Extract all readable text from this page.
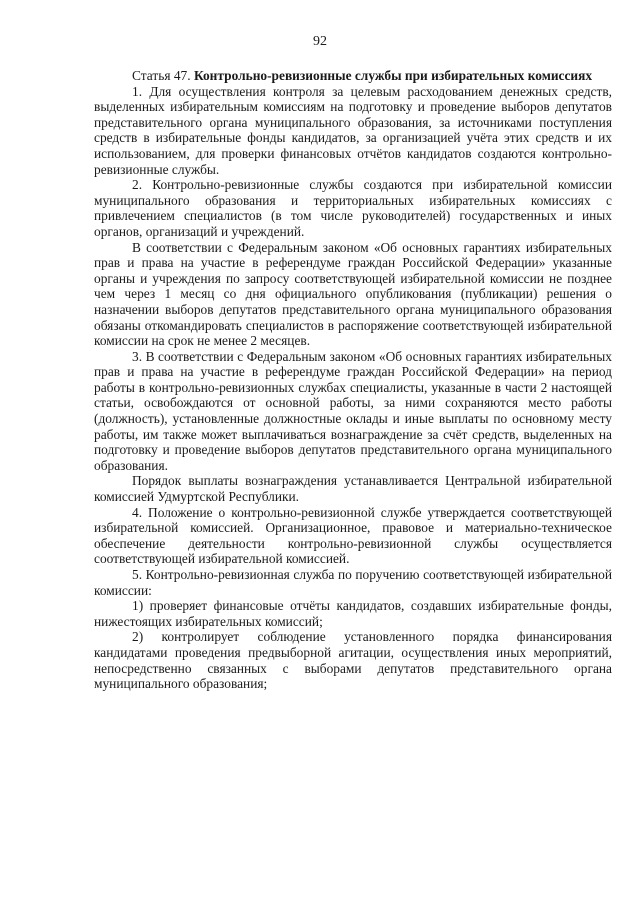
92

Статья 47. Контрольно-ревизионные службы при избирательных комиссиях

1. Для осуществления контроля за целевым расходованием денежных средств, выделенных избирательным комиссиям на подготовку и проведение выборов депутатов представительного органа муниципального образования, за источниками поступления средств в избирательные фонды кандидатов, за организацией учёта этих средств и их использованием, для проверки финансовых отчётов кандидатов создаются контрольно-ревизионные службы.

2. Контрольно-ревизионные службы создаются при избирательной комиссии муниципального образования и территориальных избирательных комиссиях с привлечением специалистов (в том числе руководителей) государственных и иных органов, организаций и учреждений.

В соответствии с Федеральным законом «Об основных гарантиях избирательных прав и права на участие в референдуме граждан Российской Федерации» указанные органы и учреждения по запросу соответствующей избирательной комиссии не позднее чем через 1 месяц со дня официального опубликования (публикации) решения о назначении выборов депутатов представительного органа муниципального образования обязаны откомандировать специалистов в распоряжение соответствующей избирательной комиссии на срок не менее 2 месяцев.

3. В соответствии с Федеральным законом «Об основных гарантиях избирательных прав и права на участие в референдуме граждан Российской Федерации» на период работы в контрольно-ревизионных службах специалисты, указанные в части 2 настоящей статьи, освобождаются от основной работы, за ними сохраняются место работы (должность), установленные должностные оклады и иные выплаты по основному месту работы, им также может выплачиваться вознаграждение за счёт средств, выделенных на подготовку и проведение выборов депутатов представительного органа муниципального образования.

Порядок выплаты вознаграждения устанавливается Центральной избирательной комиссией Удмуртской Республики.

4. Положение о контрольно-ревизионной службе утверждается соответствующей избирательной комиссией. Организационное, правовое и материально-техническое обеспечение деятельности контрольно-ревизионной службы осуществляется соответствующей избирательной комиссией.

5. Контрольно-ревизионная служба по поручению соответствующей избирательной комиссии:

1) проверяет финансовые отчёты кандидатов, создавших избирательные фонды, нижестоящих избирательных комиссий;

2) контролирует соблюдение установленного порядка финансирования кандидатами проведения предвыборной агитации, осуществления иных мероприятий, непосредственно связанных с выборами депутатов представительного органа муниципального образования;
